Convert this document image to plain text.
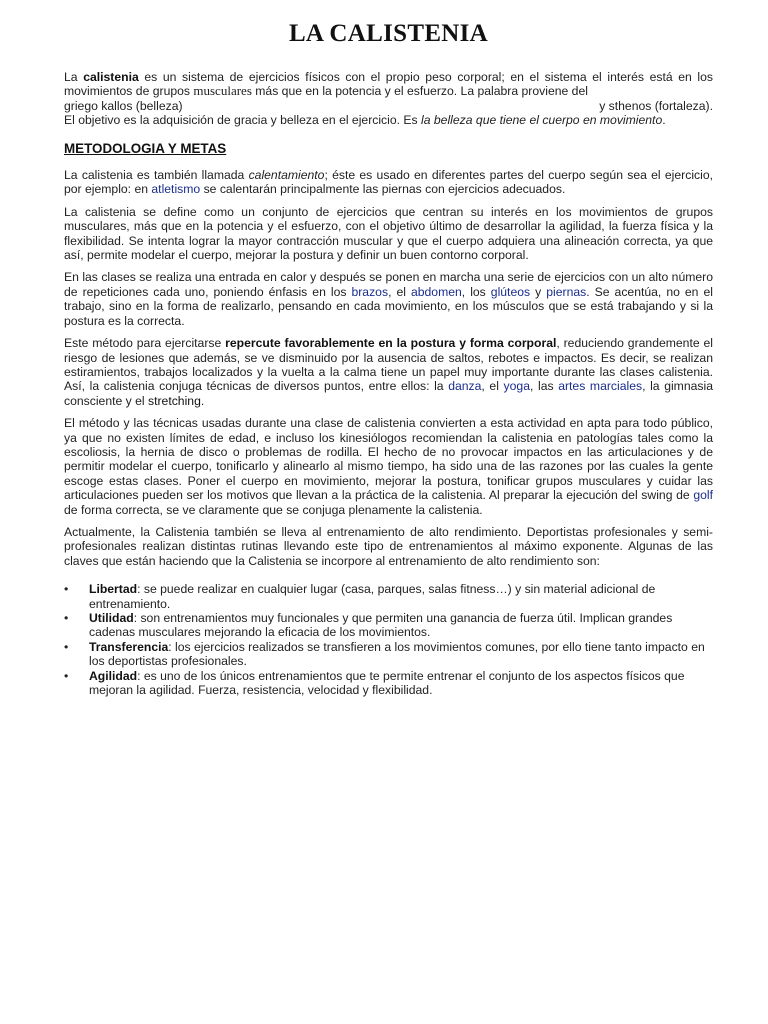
LA CALISTENIA

La calistenia es un sistema de ejercicios físicos con el propio peso corporal; en el sistema el interés está en los movimientos de grupos musculares más que en la potencia y el esfuerzo. La palabra proviene del

griego kallos (belleza)	y sthenos (fortaleza).

El objetivo es la adquisición de gracia y belleza en el ejercicio. Es la belleza que tiene el cuerpo en movimiento.

METODOLOGIA Y METAS

La calistenia es también llamada calentamiento; éste es usado en diferentes partes del cuerpo según sea el ejercicio, por ejemplo: en atletismo se calentarán principalmente las piernas con ejercicios adecuados.

La calistenia se define como un conjunto de ejercicios que centran su interés en los movimientos de grupos musculares, más que en la potencia y el esfuerzo, con el objetivo último de desarrollar la agilidad, la fuerza física y la flexibilidad. Se intenta lograr la mayor contracción muscular y que el cuerpo adquiera una alineación correcta, ya que así, permite modelar el cuerpo, mejorar la postura y definir un buen contorno corporal.

En las clases se realiza una entrada en calor y después se ponen en marcha una serie de ejercicios con un alto número de repeticiones cada uno, poniendo énfasis en los brazos, el abdomen, los glúteos y piernas. Se acentúa, no en el trabajo, sino en la forma de realizarlo, pensando en cada movimiento, en los músculos que se está trabajando y si la postura es la correcta.

Este método para ejercitarse repercute favorablemente en la postura y forma corporal, reduciendo grandemente el riesgo de lesiones que además, se ve disminuido por la ausencia de saltos, rebotes e impactos. Es decir, se realizan estiramientos, trabajos localizados y la vuelta a la calma tiene un papel muy importante durante las clases calistenia. Así, la calistenia conjuga técnicas de diversos puntos, entre ellos: la danza, el yoga, las artes marciales, la gimnasia consciente y el stretching.

El método y las técnicas usadas durante una clase de calistenia convierten a esta actividad en apta para todo público, ya que no existen límites de edad, e incluso los kinesiólogos recomiendan la calistenia en patologías tales como la escoliosis, la hernia de disco o problemas de rodilla. El hecho de no provocar impactos en las articulaciones y de permitir modelar el cuerpo, tonificarlo y alinearlo al mismo tiempo, ha sido una de las razones por las cuales la gente escoge estas clases. Poner el cuerpo en movimiento, mejorar la postura, tonificar grupos musculares y cuidar las articulaciones pueden ser los motivos que llevan a la práctica de la calistenia. Al preparar la ejecución del swing de golf de forma correcta, se ve claramente que se conjuga plenamente la calistenia.

Actualmente, la Calistenia también se lleva al entrenamiento de alto rendimiento. Deportistas profesionales y semi-profesionales realizan distintas rutinas llevando este tipo de entrenamientos al máximo exponente. Algunas de las claves que están haciendo que la Calistenia se incorpore al entrenamiento de alto rendimiento son:

• Libertad: se puede realizar en cualquier lugar (casa, parques, salas fitness…) y sin material adicional de entrenamiento.
• Utilidad: son entrenamientos muy funcionales y que permiten una ganancia de fuerza útil. Implican grandes cadenas musculares mejorando la eficacia de los movimientos.
• Transferencia: los ejercicios realizados se transfieren a los movimientos comunes, por ello tiene tanto impacto en los deportistas profesionales.
• Agilidad: es uno de los únicos entrenamientos que te permite entrenar el conjunto de los aspectos físicos que mejoran la agilidad. Fuerza, resistencia, velocidad y flexibilidad.
